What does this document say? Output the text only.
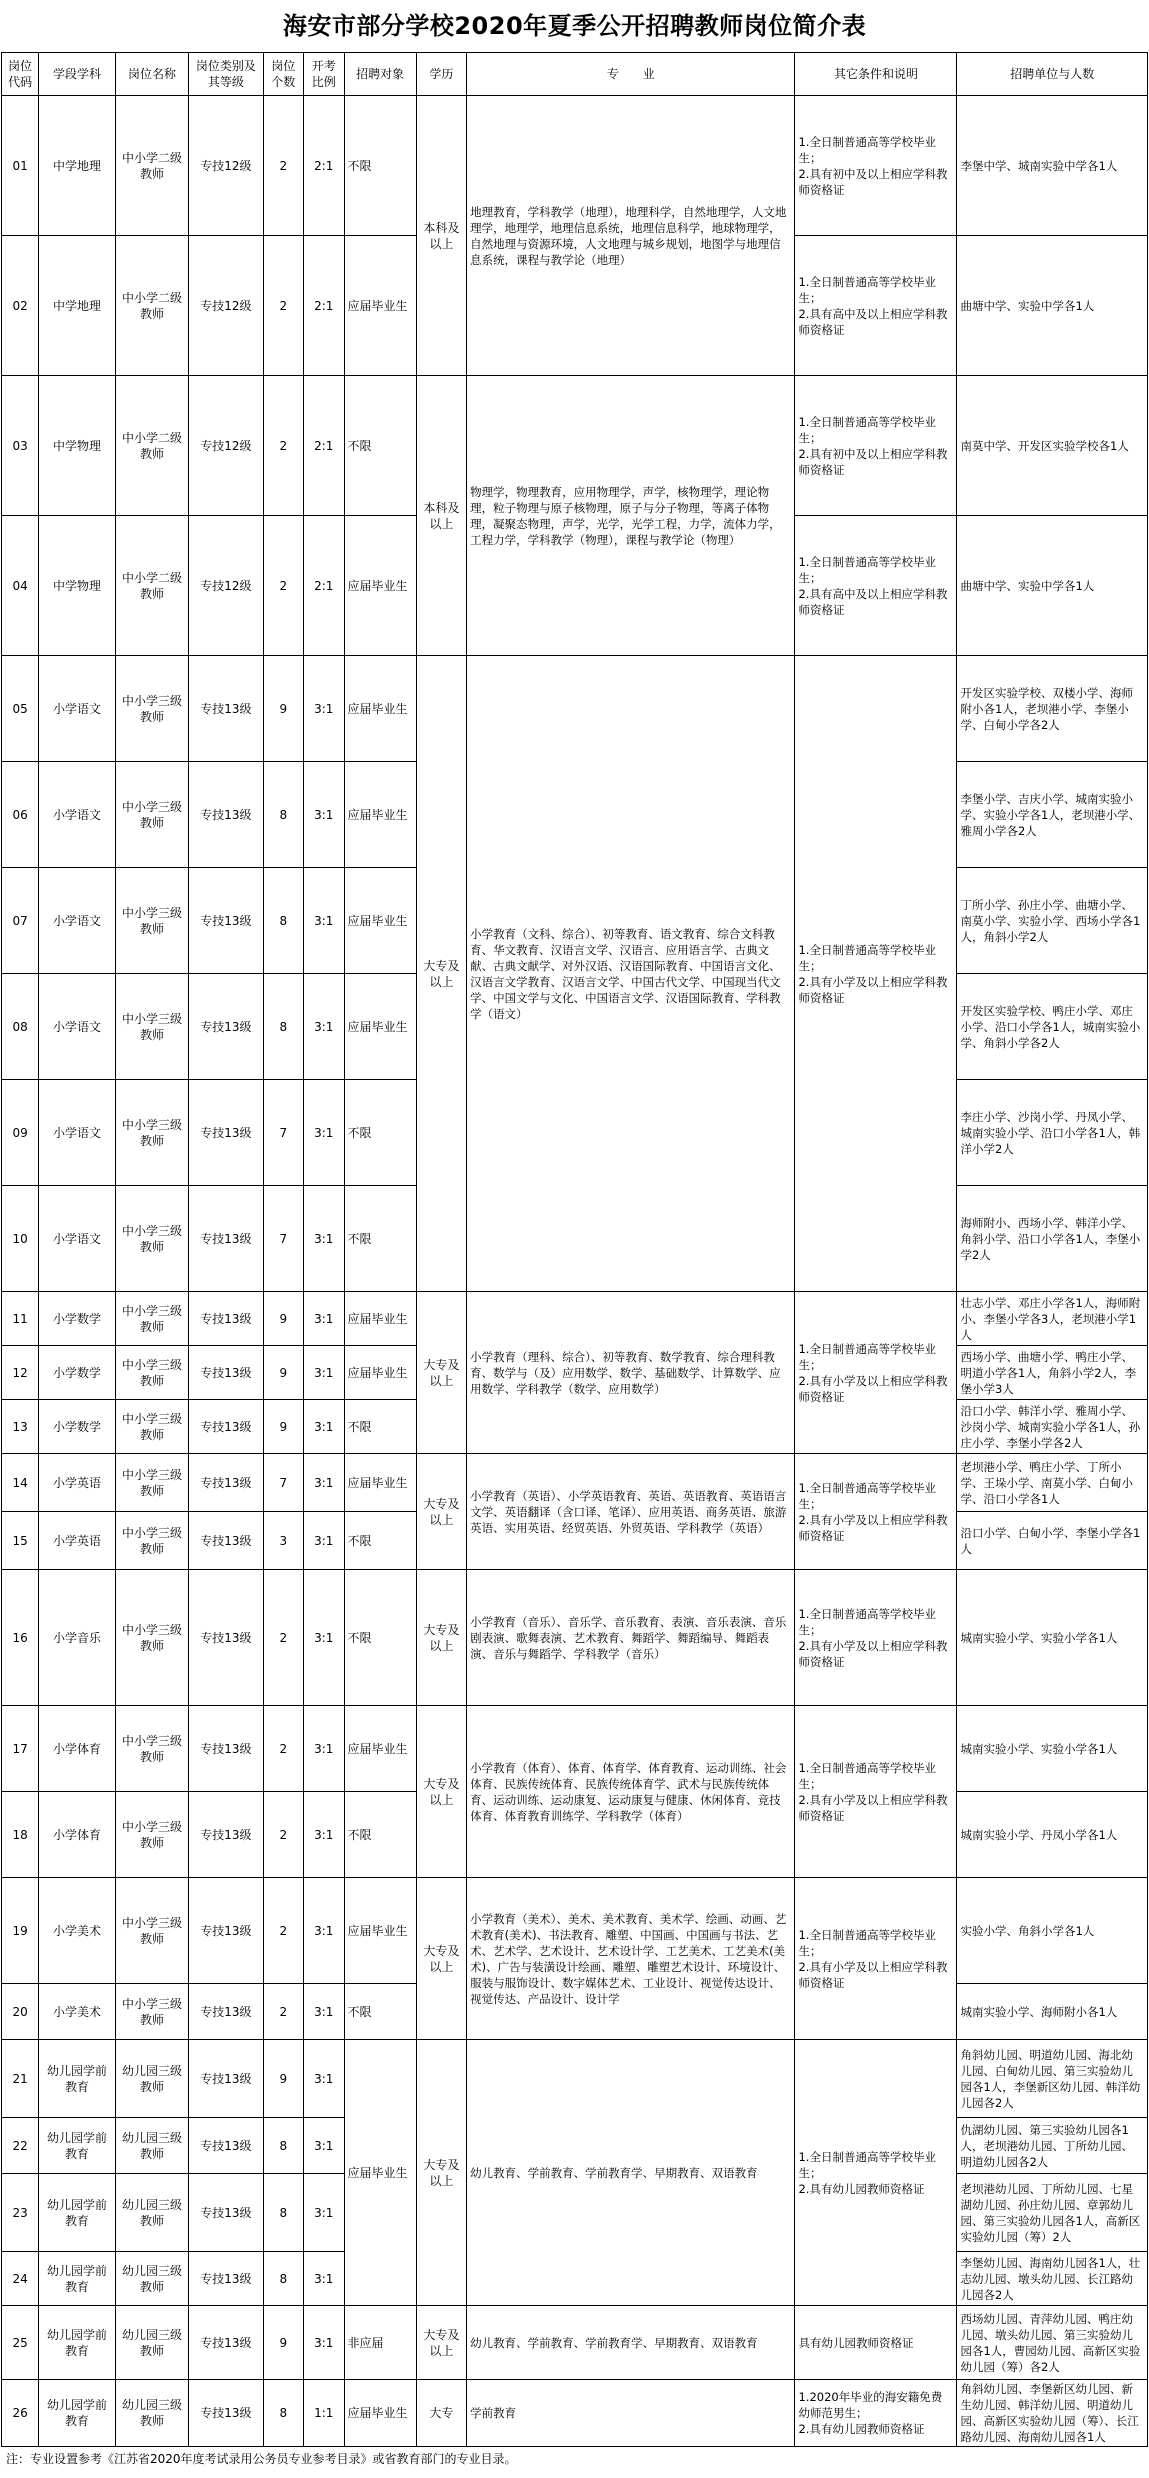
海安市部分学校2020年夏季公开招聘教师岗位简介表
岗位代码	学段学科	岗位名称	岗位类别及其等级	岗位个数	开考比例	招聘对象	学历	专　　业	其它条件和说明	招聘单位与人数
01	中学地理	中小学二级教师	专技12级	2	2:1	不限	本科及以上	地理教育，学科教学（地理），地理科学，自然地理学，人文地理学，地理学，地理信息系统，地理信息科学，地球物理学，自然地理与资源环境，人文地理与城乡规划，地图学与地理信息系统，课程与教学论（地理）	1.全日制普通高等学校毕业生；
2.具有初中及以上相应学科教师资格证	李堡中学、城南实验中学各1人
02	中学地理	中小学二级教师	专技12级	2	2:1	应届毕业生			1.全日制普通高等学校毕业生；
2.具有高中及以上相应学科教师资格证	曲塘中学、实验中学各1人
03	中学物理	中小学二级教师	专技12级	2	2:1	不限	本科及以上	物理学，物理教育，应用物理学，声学，核物理学，理论物理，粒子物理与原子核物理，原子与分子物理，等离子体物理，凝聚态物理，声学，光学，光学工程，力学，流体力学，工程力学，学科教学（物理），课程与教学论（物理）	1.全日制普通高等学校毕业生；
2.具有初中及以上相应学科教师资格证	南莫中学、开发区实验学校各1人
04	中学物理	中小学二级教师	专技12级	2	2:1	应届毕业生			1.全日制普通高等学校毕业生；
2.具有高中及以上相应学科教师资格证	曲塘中学、实验中学各1人
05	小学语文	中小学三级教师	专技13级	9	3:1	应届毕业生	大专及以上	小学教育（文科、综合）、初等教育、语文教育、综合文科教育、华文教育、汉语言文学、汉语言、应用语言学、古典文献、古典文献学、对外汉语、汉语国际教育、中国语言文化、汉语言文学教育、汉语言文学、中国古代文学、中国现当代文学、中国文学与文化、中国语言文学、汉语国际教育、学科教学（语文）	1.全日制普通高等学校毕业生；
2.具有小学及以上相应学科教师资格证	开发区实验学校、双楼小学、海师附小各1人，老坝港小学、李堡小学、白甸小学各2人
06	小学语文	中小学三级教师	专技13级	8	3:1	应届毕业生				李堡小学、吉庆小学、城南实验小学、实验小学各1人，老坝港小学、雅周小学各2人
07	小学语文	中小学三级教师	专技13级	8	3:1	应届毕业生				丁所小学、孙庄小学、曲塘小学、南莫小学、实验小学、西场小学各1人，角斜小学2人
08	小学语文	中小学三级教师	专技13级	8	3:1	应届毕业生				开发区实验学校、鸭庄小学、邓庄小学、沿口小学各1人，城南实验小学、角斜小学各2人
09	小学语文	中小学三级教师	专技13级	7	3:1	不限				李庄小学、沙岗小学、丹凤小学、城南实验小学、沿口小学各1人，韩洋小学2人
10	小学语文	中小学三级教师	专技13级	7	3:1	不限				海师附小、西场小学、韩洋小学、角斜小学、沿口小学各1人，李堡小学2人
11	小学数学	中小学三级教师	专技13级	9	3:1	应届毕业生	大专及以上	小学教育（理科、综合）、初等教育、数学教育、综合理科教育、数学与（及）应用数学、数学、基础数学、计算数学、应用数学、学科教学（数学、应用数学）	1.全日制普通高等学校毕业生；
2.具有小学及以上相应学科教师资格证	壮志小学、邓庄小学各1人，海师附小、李堡小学各3人，老坝港小学1人
12	小学数学	中小学三级教师	专技13级	9	3:1	应届毕业生				西场小学、曲塘小学、鸭庄小学、明道小学各1人，角斜小学2人，李堡小学3人
13	小学数学	中小学三级教师	专技13级	9	3:1	不限				沿口小学、韩洋小学、雅周小学、沙岗小学、城南实验小学各1人，孙庄小学、李堡小学各2人
14	小学英语	中小学三级教师	专技13级	7	3:1	应届毕业生	大专及以上	小学教育（英语）、小学英语教育、英语、英语教育、英语语言文学、英语翻译（含口译、笔译）、应用英语、商务英语、旅游英语、实用英语、经贸英语、外贸英语、学科教学（英语）	1.全日制普通高等学校毕业生；
2.具有小学及以上相应学科教师资格证	老坝港小学、鸭庄小学、丁所小学、王垛小学、南莫小学、白甸小学、沿口小学各1人
15	小学英语	中小学三级教师	专技13级	3	3:1	不限				沿口小学、白甸小学、李堡小学各1人
16	小学音乐	中小学三级教师	专技13级	2	3:1	不限	大专及以上	小学教育（音乐）、音乐学、音乐教育、表演、音乐表演、音乐剧表演、歌舞表演、艺术教育、舞蹈学、舞蹈编导、舞蹈表演、音乐与舞蹈学、学科教学（音乐）	1.全日制普通高等学校毕业生；
2.具有小学及以上相应学科教师资格证	城南实验小学、实验小学各1人
17	小学体育	中小学三级教师	专技13级	2	3:1	应届毕业生	大专及以上	小学教育（体育）、体育、体育学、体育教育、运动训练、社会体育、民族传统体育、民族传统体育学、武术与民族传统体育、运动训练、运动康复、运动康复与健康、休闲体育、竞技体育、体育教育训练学、学科教学（体育）	1.全日制普通高等学校毕业生；
2.具有小学及以上相应学科教师资格证	城南实验小学、实验小学各1人
18	小学体育	中小学三级教师	专技13级	2	3:1	不限				城南实验小学、丹凤小学各1人
19	小学美术	中小学三级教师	专技13级	2	3:1	应届毕业生	大专及以上	小学教育（美术）、美术、美术教育、美术学、绘画、动画、艺术教育(美术)、书法教育、雕塑、中国画、中国画与书法、艺术、艺术学、艺术设计、艺术设计学、工艺美术、工艺美术(美术)、广告与装潢设计绘画、雕塑、雕塑艺术设计、环境设计、服装与服饰设计、数字媒体艺术、工业设计、视觉传达设计、视觉传达、产品设计、设计学	1.全日制普通高等学校毕业生；
2.具有小学及以上相应学科教师资格证	实验小学、角斜小学各1人
20	小学美术	中小学三级教师	专技13级	2	3:1	不限				城南实验小学、海师附小各1人
21	幼儿园学前教育	幼儿园三级教师	专技13级	9	3:1	应届毕业生	大专及以上	幼儿教育、学前教育、学前教育学、早期教育、双语教育	1.全日制普通高等学校毕业生；
2.具有幼儿园教师资格证	角斜幼儿园、明道幼儿园、海北幼儿园、白甸幼儿园、第三实验幼儿园各1人，李堡新区幼儿园、韩洋幼儿园各2人
22	幼儿园学前教育	幼儿园三级教师	专技13级	8	3:1					仇湖幼儿园、第三实验幼儿园各1人，老坝港幼儿园、丁所幼儿园、明道幼儿园各2人
23	幼儿园学前教育	幼儿园三级教师	专技13级	8	3:1					老坝港幼儿园、丁所幼儿园、七星湖幼儿园、孙庄幼儿园、章郭幼儿园、第三实验幼儿园各1人，高新区实验幼儿园（筹）2人
24	幼儿园学前教育	幼儿园三级教师	专技13级	8	3:1					李堡幼儿园、海南幼儿园各1人，壮志幼儿园、墩头幼儿园、长江路幼儿园各2人
25	幼儿园学前教育	幼儿园三级教师	专技13级	9	3:1	非应届	大专及以上	幼儿教育、学前教育、学前教育学、早期教育、双语教育	具有幼儿园教师资格证	西场幼儿园、青萍幼儿园、鸭庄幼儿园、墩头幼儿园、第三实验幼儿园各1人，曹园幼儿园、高新区实验幼儿园（筹）各2人
26	幼儿园学前教育	幼儿园三级教师	专技13级	8	1:1	应届毕业生	大专	学前教育	1.2020年毕业的海安籍免费幼师范男生；
2.具有幼儿园教师资格证	角斜幼儿园、李堡新区幼儿园、新生幼儿园、韩洋幼儿园、明道幼儿园、高新区实验幼儿园（筹）、长江路幼儿园、海南幼儿园各1人
注：专业设置参考《江苏省2020年度考试录用公务员专业参考目录》或省教育部门的专业目录。
